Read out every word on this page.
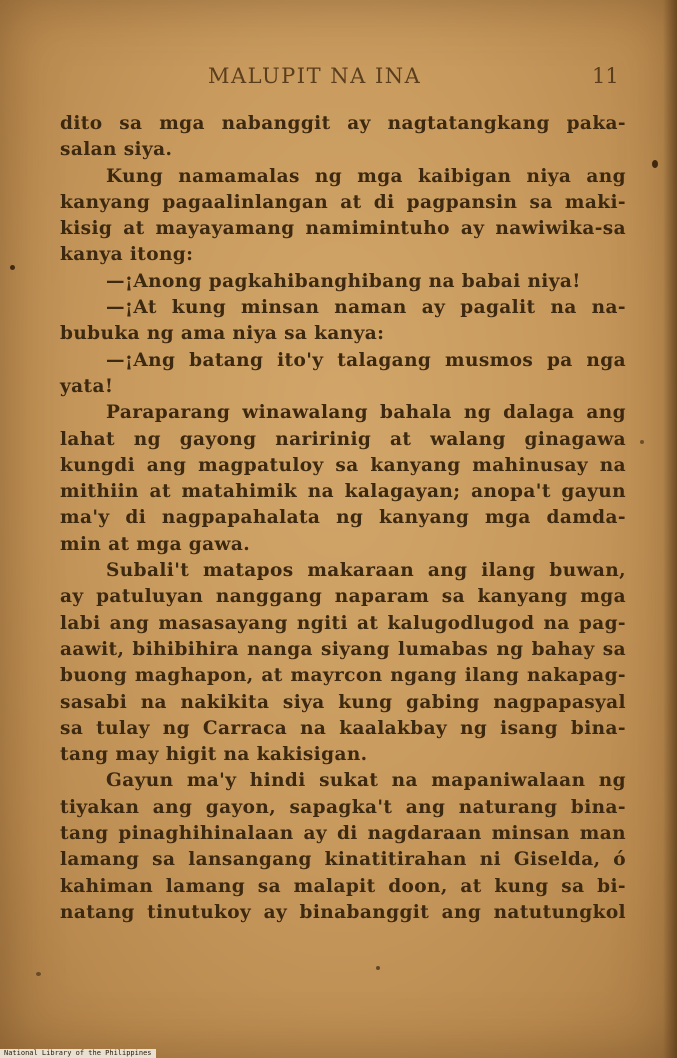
MALUPIT NA INA	11
dito sa mga nabanggit ay nagtatangkang paka-
salan siya.
Kung namamalas ng mga kaibigan niya ang
kanyang pagaalinlangan at di pagpansin sa maki-
kisig at mayayamang namimintuho ay nawiwika-sa
kanya itong:
—¡Anong pagkahibanghibang na babai niya!
—¡At kung minsan naman ay pagalit na na-
bubuka ng ama niya sa kanya:
—¡Ang batang ito'y talagang musmos pa nga
yata!
Paraparang winawalang bahala ng dalaga ang
lahat ng gayong naririnig at walang ginagawa
kungdi ang magpatuloy sa kanyang mahinusay na
mithiin at matahimik na kalagayan; anopa't gayun
ma'y di nagpapahalata ng kanyang mga damda-
min at mga gawa.
Subali't matapos makaraan ang ilang buwan,
ay patuluyan nanggang naparam sa kanyang mga
labi ang masasayang ngiti at kalugodlugod na pag-
aawit, bihibihira nanga siyang lumabas ng bahay sa
buong maghapon, at mayrcon ngang ilang nakapag-
sasabi na nakikita siya kung gabing nagpapasyal
sa tulay ng Carraca na kaalakbay ng isang bina-
tang may higit na kakisigan.
Gayun ma'y hindi sukat na mapaniwalaan ng
tiyakan ang gayon, sapagka't ang naturang bina-
tang pinaghihinalaan ay di nagdaraan minsan man
lamang sa lansangang kinatitirahan ni Giselda, ó
kahiman lamang sa malapit doon, at kung sa bi-
natang tinutukoy ay binabanggit ang natutungkol
National Library of the Philippines
